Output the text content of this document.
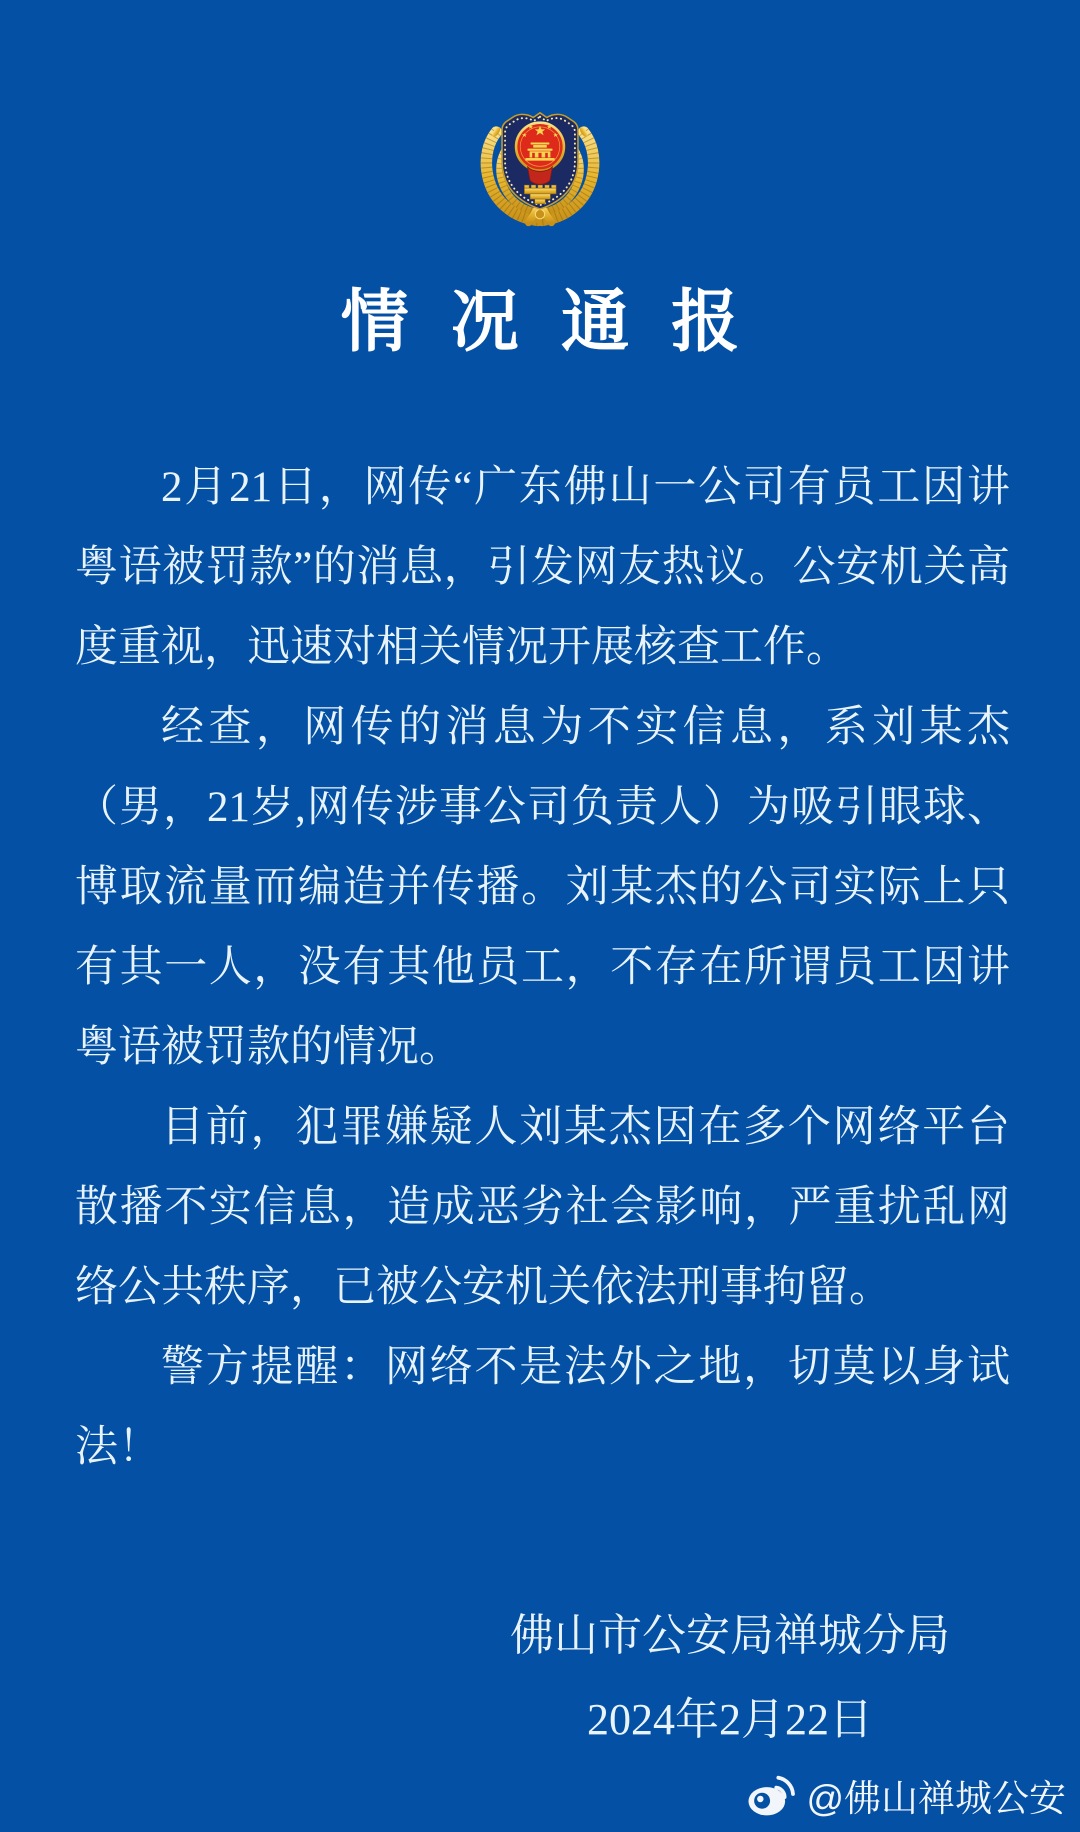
情况通报

2月21日，网传“广东佛山一公司有员工因讲粤语被罚款”的消息，引发网友热议。公安机关高度重视，迅速对相关情况开展核查工作。

经查，网传的消息为不实信息，系刘某杰（男，21岁,网传涉事公司负责人）为吸引眼球、博取流量而编造并传播。刘某杰的公司实际上只有其一人，没有其他员工，不存在所谓员工因讲粤语被罚款的情况。

目前，犯罪嫌疑人刘某杰因在多个网络平台散播不实信息，造成恶劣社会影响，严重扰乱网络公共秩序，已被公安机关依法刑事拘留。

警方提醒：网络不是法外之地，切莫以身试法！

佛山市公安局禅城分局
2024年2月22日
@佛山禅城公安
